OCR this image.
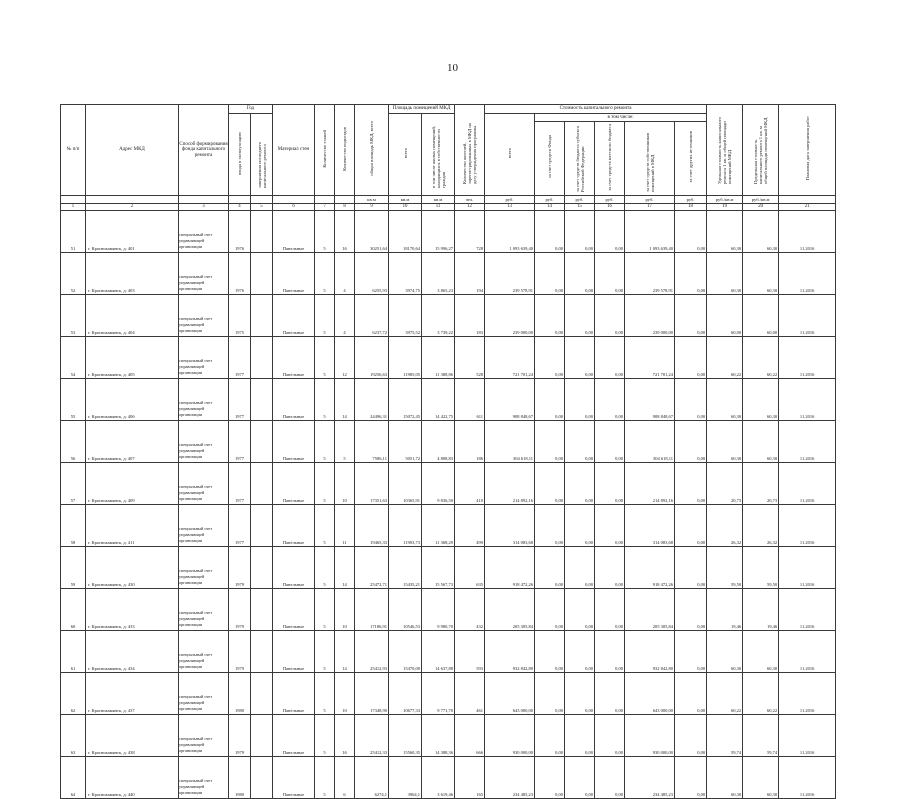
10
№ п/п	Адрес МКД	Способ формирования фонда капитального ремонта	Год		Материал стен	Количество этажей	Количество подъездов	общая площадь МКД, всего	Площадь помещений МКД		Количество жителей, зарегистрированных в МКД на дату утверждения программы	Стоимость капитального ремонта						Удельная стоимость капитального ремонта 1 кв. м общей площади помещений МКД	Предельная стоимость капитального ремонта 1 кв. м общей площади помещений МКД	Плановая дата завершения работ
			ввода в эксплуатацию	завершения последнего капитального ремонта					всего	в том числе жилых помещений, находящихся в собственности граждан		всего	в том числе:							
													за счет средств Фонда	за счет средств бюджета субъекта Российской Федерации	за счет средств местного бюджета	за счет средств собственников помещений в МКД	за счет других источников			
								кв.м	кв.м	кв.м	чел.	руб.	руб.	руб.	руб.	руб.	руб.	руб./кв.м	руб./кв.м	
1	2	3	4	5	6	7	8	9	10	11	12	13	14	15	16	17	18	19	20	21
51	г. Краснокамянск, д. 401	специальный счет управляющей организации	1976		Панельные	5	16	30251,64	18170,64	15 996,27	728	1 093 639,40	0,00	0,00	0,00	1 093 639,40	0,00	60,30	60,30	11.2016
52	г. Краснокамянск, д. 403	специальный счет управляющей организации	1976		Панельные	5	4	6255,93	3974,75	3 865,23	194	239 578,91	0,00	0,00	0,00	239 578,91	0,00	60,30	60,30	11.2016
53	г. Краснокамянск, д. 404	специальный счет управляющей организации	1975		Панельные	5	4	6237,72	3975,52	3 739,22	183	239 000,00	0,00	0,00	0,00	239 000,00	0,00	60,00	60,00	11.2016
54	г. Краснокамянск, д. 405	специальный счет управляющей организации	1977		Панельные	5	12	19256,63	11985,05	11 388,86	528	721 701,24	0,00	0,00	0,00	721 701,24	0,00	60,22	60,22	11.2016
55	г. Краснокамянск, д. 406	специальный счет управляющей организации	1977		Панельные	5	14	24496,31	15072,45	14 422,75	611	908 848,67	0,00	0,00	0,00	908 848,67	0,00	60,30	60,30	11.2016
56	г. Краснокамянск, д. 407	специальный счет управляющей организации	1977		Панельные	5	5	7586,11	5051,72	4 808,83	186	304 618,11	0,00	0,00	0,00	304 618,11	0,00	60,30	60,30	11.2016
57	г. Краснокамянск, д. 409	специальный счет управляющей организации	1977		Панельные	5	10	17351,63	10365,91	9 836,50	410	214 892,16	0,00	0,00	0,00	214 892,16	0,00	20,73	20,73	11.2016
58	г. Краснокамянск, д. 411	специальный счет управляющей организации	1977		Панельные	5	11	19465,33	11903,73	11 368,29	499	314 083,68	0,00	0,00	0,00	314 083,68	0,00	26,32	26,32	11.2016
59	г. Краснокамянск, д. 430	специальный счет управляющей организации	1979		Панельные	5	14	25472,71	15435,21	15 567,73	635	918 472,26	0,00	0,00	0,00	918 472,26	0,00	59,50	59,50	11.2016
60	г. Краснокамянск, д. 433	специальный счет управляющей организации	1979		Панельные	5	10	17186,91	10546,53	9 980,70	432	205 305,84	0,00	0,00	0,00	205 305,84	0,00	19,46	19,46	11.2016
61	г. Краснокамянск, д. 434	специальный счет управляющей организации	1979		Панельные	5	14	25412,93	15470,00	14 637,88	593	932 842,80	0,00	0,00	0,00	932 842,80	0,00	60,30	60,30	11.2016
62	г. Краснокамянск, д. 437	специальный счет управляющей организации	1980		Панельные	5	10	17348,90	10677,33	9 771,70	461	643 000,00	0,00	0,00	0,00	643 000,00	0,00	60,22	60,22	11.2016
63	г. Краснокамянск, д. 438	специальный счет управляющей организации	1979		Панельные	5	16	25412,33	15560,35	14 388,36	666	930 000,00	0,00	0,00	0,00	930 000,00	0,00	59,74	59,74	11.2016
64	г. Краснокамянск, д. 440	специальный счет управляющей организации	1980		Панельные	5	6	6274,1	3964,1	3 619,46	165	234 485,23	0,00	0,00	0,00	234 485,23	0,00	60,30	60,30	11.2016
